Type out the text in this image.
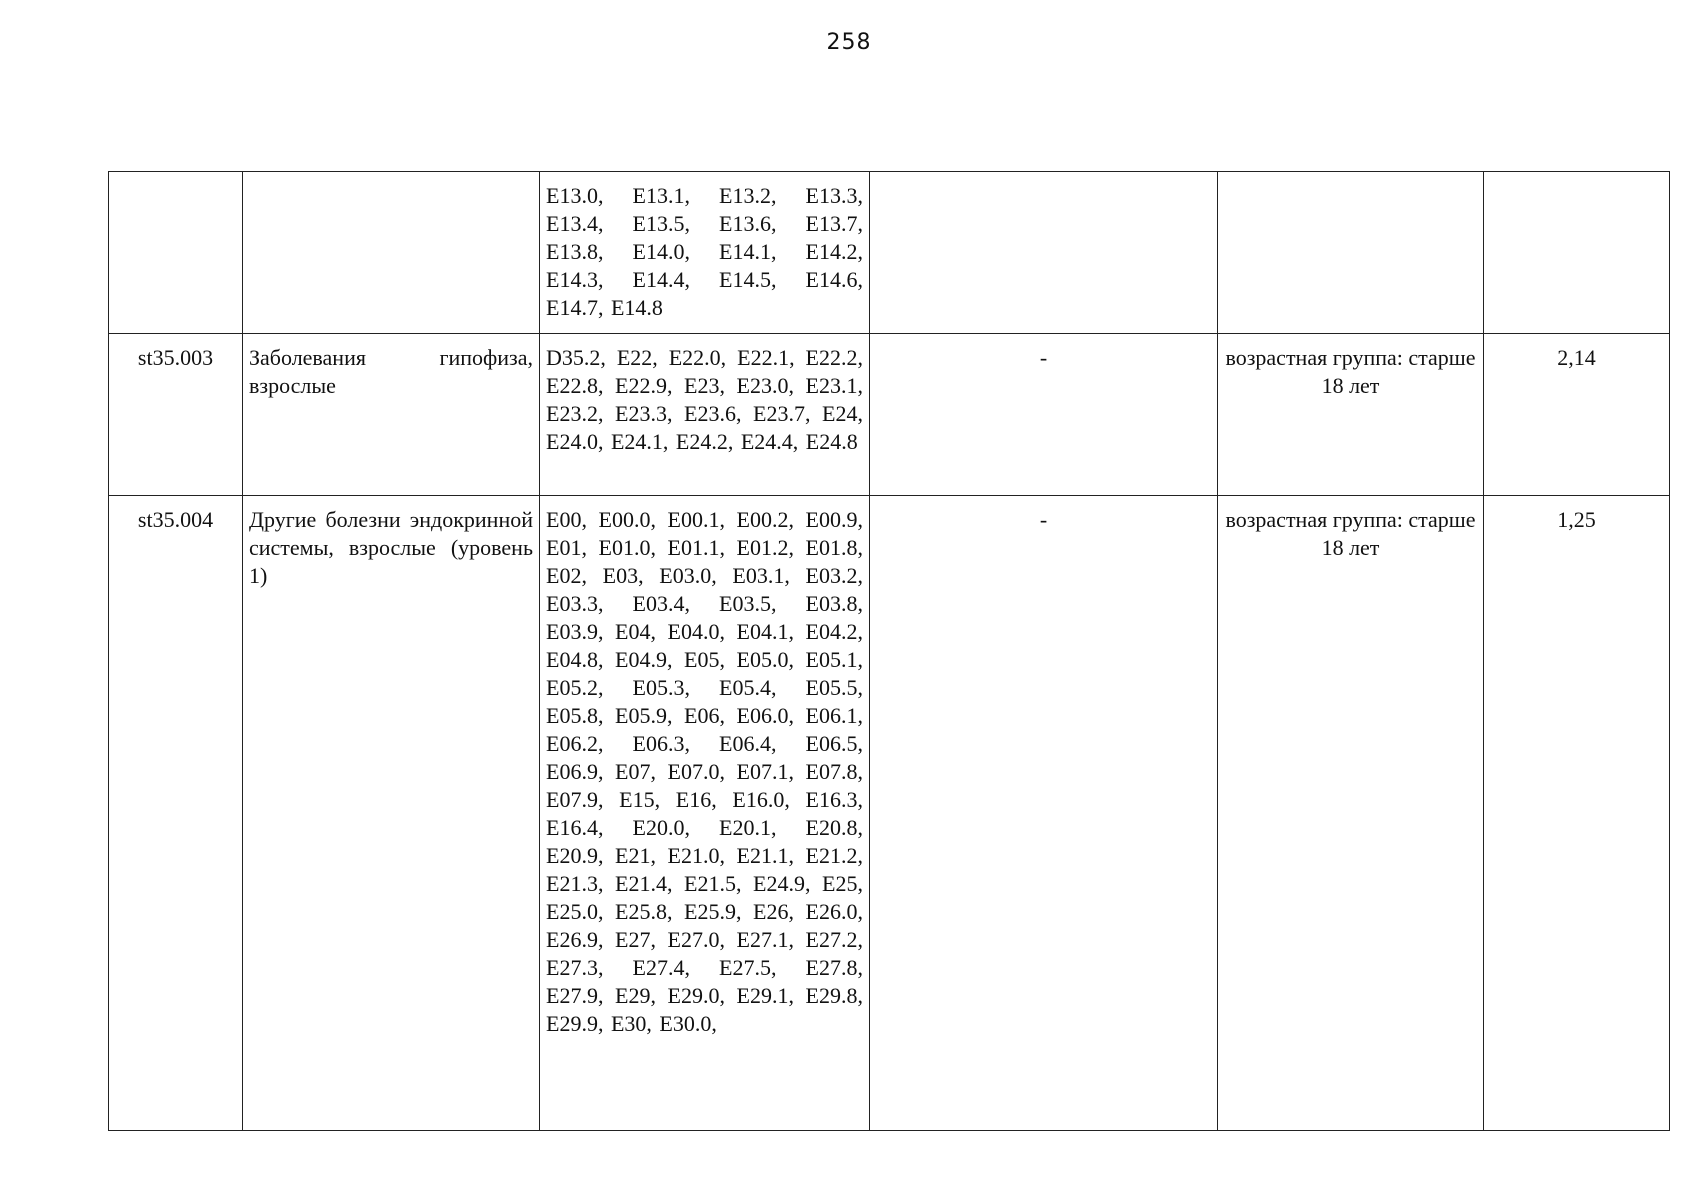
258
		E13.0, E13.1, E13.2, E13.3, E13.4, E13.5, E13.6, E13.7, E13.8, E14.0, E14.1, E14.2, E14.3, E14.4, E14.5, E14.6, E14.7, E14.8			
st35.003	Заболевания гипофиза, взрослые	D35.2, E22, E22.0, E22.1, E22.2, E22.8, E22.9, E23, E23.0, E23.1, E23.2, E23.3, E23.6, E23.7, E24, E24.0, E24.1, E24.2, E24.4, E24.8	-	возрастная группа: старше 18 лет	2,14
st35.004	Другие болезни эндокринной системы, взрослые (уровень 1)	E00, E00.0, E00.1, E00.2, E00.9, E01, E01.0, E01.1, E01.2, E01.8, E02, E03, E03.0, E03.1, E03.2, E03.3, E03.4, E03.5, E03.8, E03.9, E04, E04.0, E04.1, E04.2, E04.8, E04.9, E05, E05.0, E05.1, E05.2, E05.3, E05.4, E05.5, E05.8, E05.9, E06, E06.0, E06.1, E06.2, E06.3, E06.4, E06.5, E06.9, E07, E07.0, E07.1, E07.8, E07.9, E15, E16, E16.0, E16.3, E16.4, E20.0, E20.1, E20.8, E20.9, E21, E21.0, E21.1, E21.2, E21.3, E21.4, E21.5, E24.9, E25, E25.0, E25.8, E25.9, E26, E26.0, E26.9, E27, E27.0, E27.1, E27.2, E27.3, E27.4, E27.5, E27.8, E27.9, E29, E29.0, E29.1, E29.8, E29.9, E30, E30.0,	-	возрастная группа: старше 18 лет	1,25
